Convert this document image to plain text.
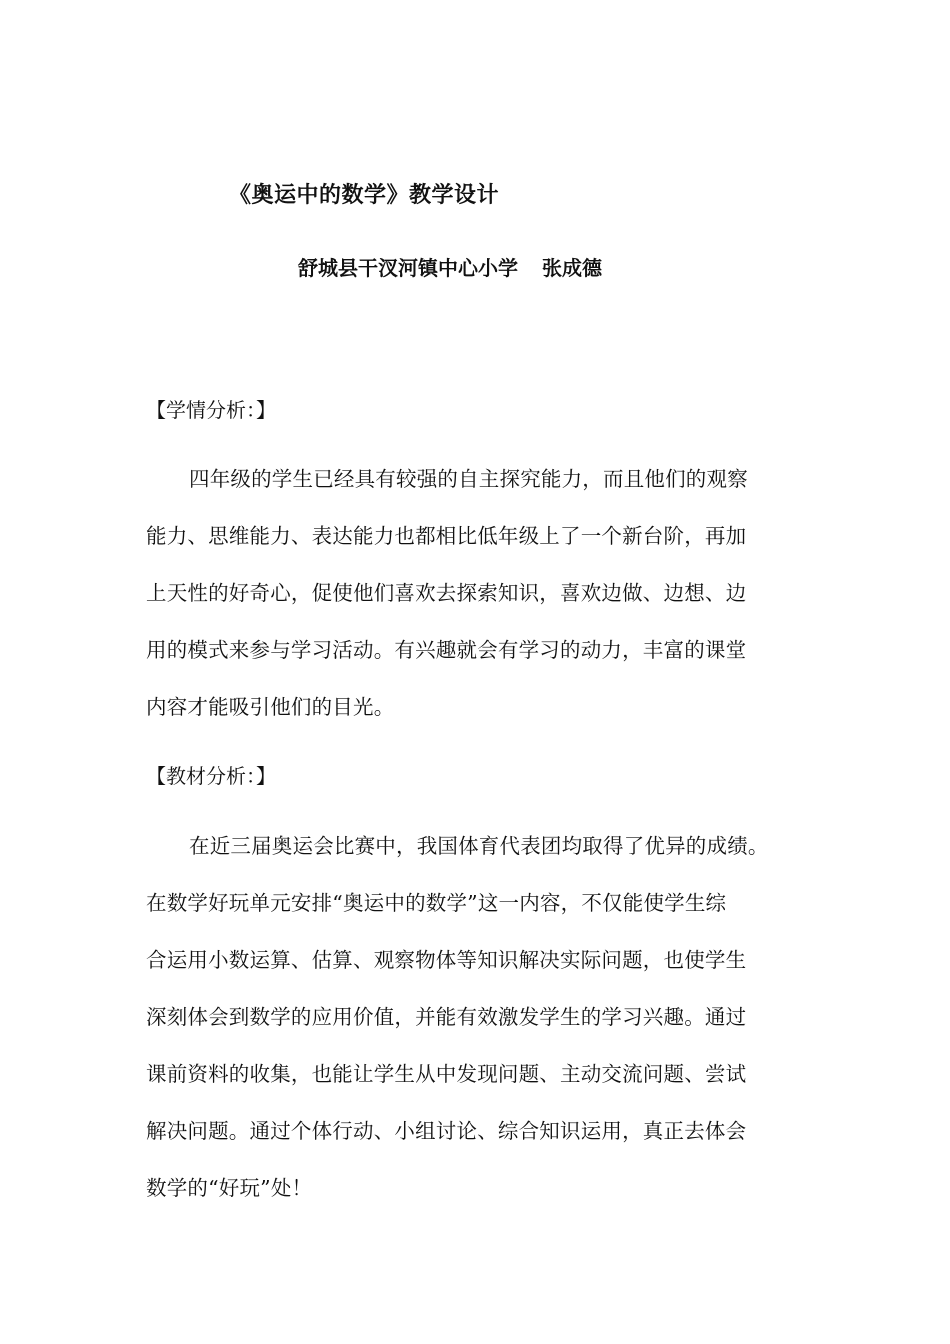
《奥运中的数学》教学设计
舒城县干汊河镇中心小学 张成德
【学情分析：】
四年级的学生已经具有较强的自主探究能力，而且他们的观察
能力、思维能力、表达能力也都相比低年级上了一个新台阶，再加
上天性的好奇心，促使他们喜欢去探索知识，喜欢边做、边想、边
用的模式来参与学习活动。有兴趣就会有学习的动力，丰富的课堂
内容才能吸引他们的目光。
【教材分析：】
在近三届奥运会比赛中，我国体育代表团均取得了优异的成绩。
在数学好玩单元安排“奥运中的数学”这一内容，不仅能使学生综
合运用小数运算、估算、观察物体等知识解决实际问题，也使学生
深刻体会到数学的应用价值，并能有效激发学生的学习兴趣。通过
课前资料的收集，也能让学生从中发现问题、主动交流问题、尝试
解决问题。通过个体行动、小组讨论、综合知识运用，真正去体会
数学的“好玩”处！
